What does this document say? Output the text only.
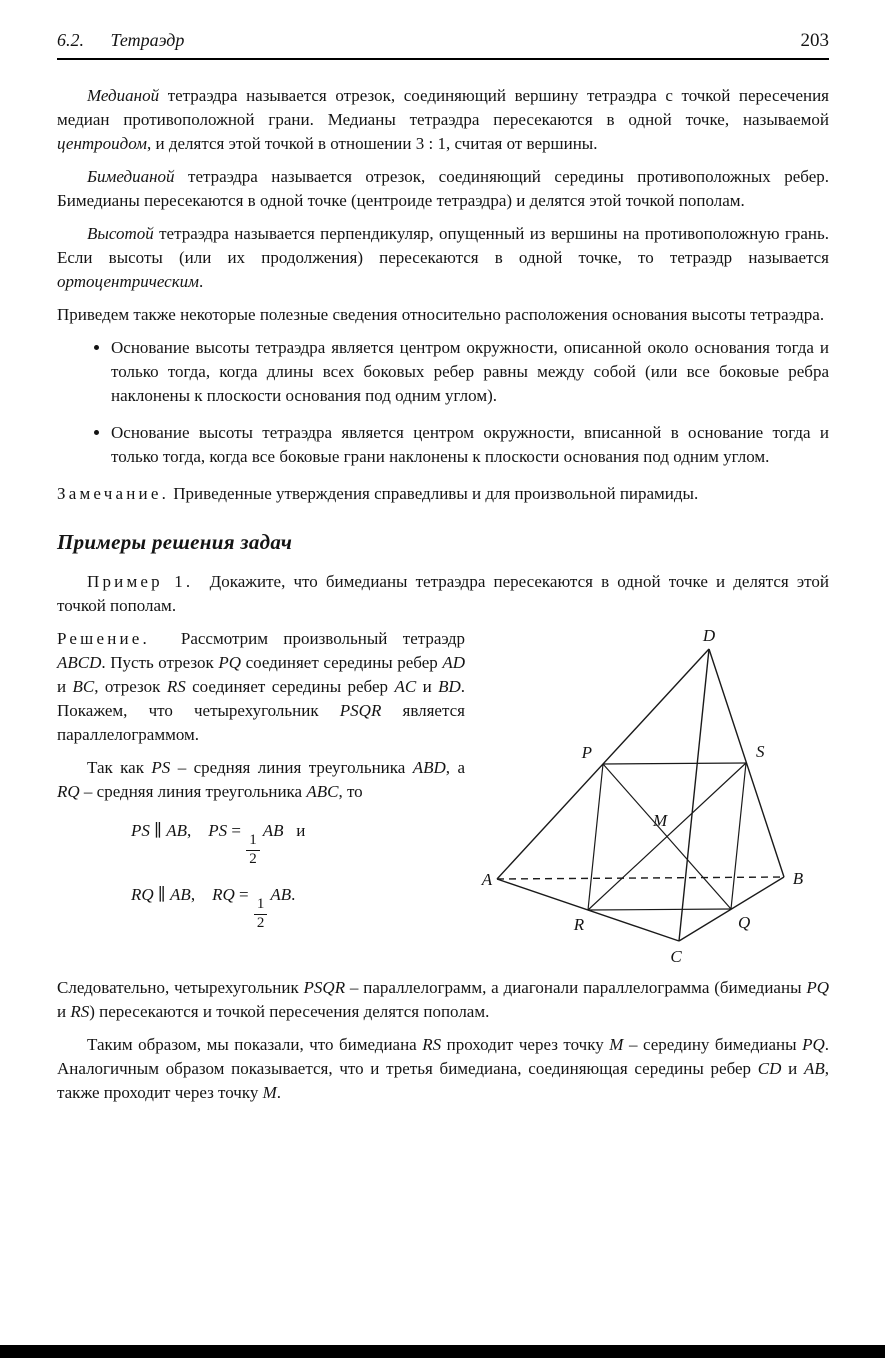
6.2. Тетраэдр	203

Медианой тетраэдра называется отрезок, соединяющий вершину тетраэдра с точкой пересечения медиан противоположной грани. Медианы тетраэдра пересекаются в одной точке, называемой центроидом, и делятся этой точкой в отношении 3 : 1, считая от вершины.

Бимедианой тетраэдра называется отрезок, соединяющий середины противоположных ребер. Бимедианы пересекаются в одной точке (центроиде тетраэдра) и делятся этой точкой пополам.

Высотой тетраэдра называется перпендикуляр, опущенный из вершины на противоположную грань. Если высоты (или их продолжения) пересекаются в одной точке, то тетраэдр называется ортоцентрическим.

Приведем также некоторые полезные сведения относительно расположения основания высоты тетраэдра.

• Основание высоты тетраэдра является центром окружности, описанной около основания тогда и только тогда, когда длины всех боковых ребер равны между собой (или все боковые ребра наклонены к плоскости основания под одним углом).
• Основание высоты тетраэдра является центром окружности, вписанной в основание тогда и только тогда, когда все боковые грани наклонены к плоскости основания под одним углом.

Замечание. Приведенные утверждения справедливы и для произвольной пирамиды.

Примеры решения задач

Пример 1.  Докажите, что бимедианы тетраэдра пересекаются в одной точке и делятся этой точкой пополам.

Решение.  Рассмотрим произвольный тетраэдр ABCD. Пусть отрезок PQ соединяет середины ребер AD и BC, отрезок RS соединяет середины ребер AC и BD. Покажем, что четырехугольник PSQR является параллелограммом.

Так как PS – средняя линия треугольника ABD, а RQ – средняя линия треугольника ABC, то

PS ∥ AB,    PS =
$\frac{1}{2}$
AB   и
RQ ∥ AB,    RQ =
$\frac{1}{2}$
AB.
D
A	B
C
P	S
R	Q
M

Следовательно, четырехугольник PSQR – параллелограмм, а диагонали параллелограмма (бимедианы PQ и RS) пересекаются и точкой пересечения делятся пополам.

Таким образом, мы показали, что бимедиана RS проходит через точку M – середину бимедианы PQ. Аналогичным образом показывается, что и третья бимедиана, соединяющая середины ребер CD и AB, также проходит через точку M.
